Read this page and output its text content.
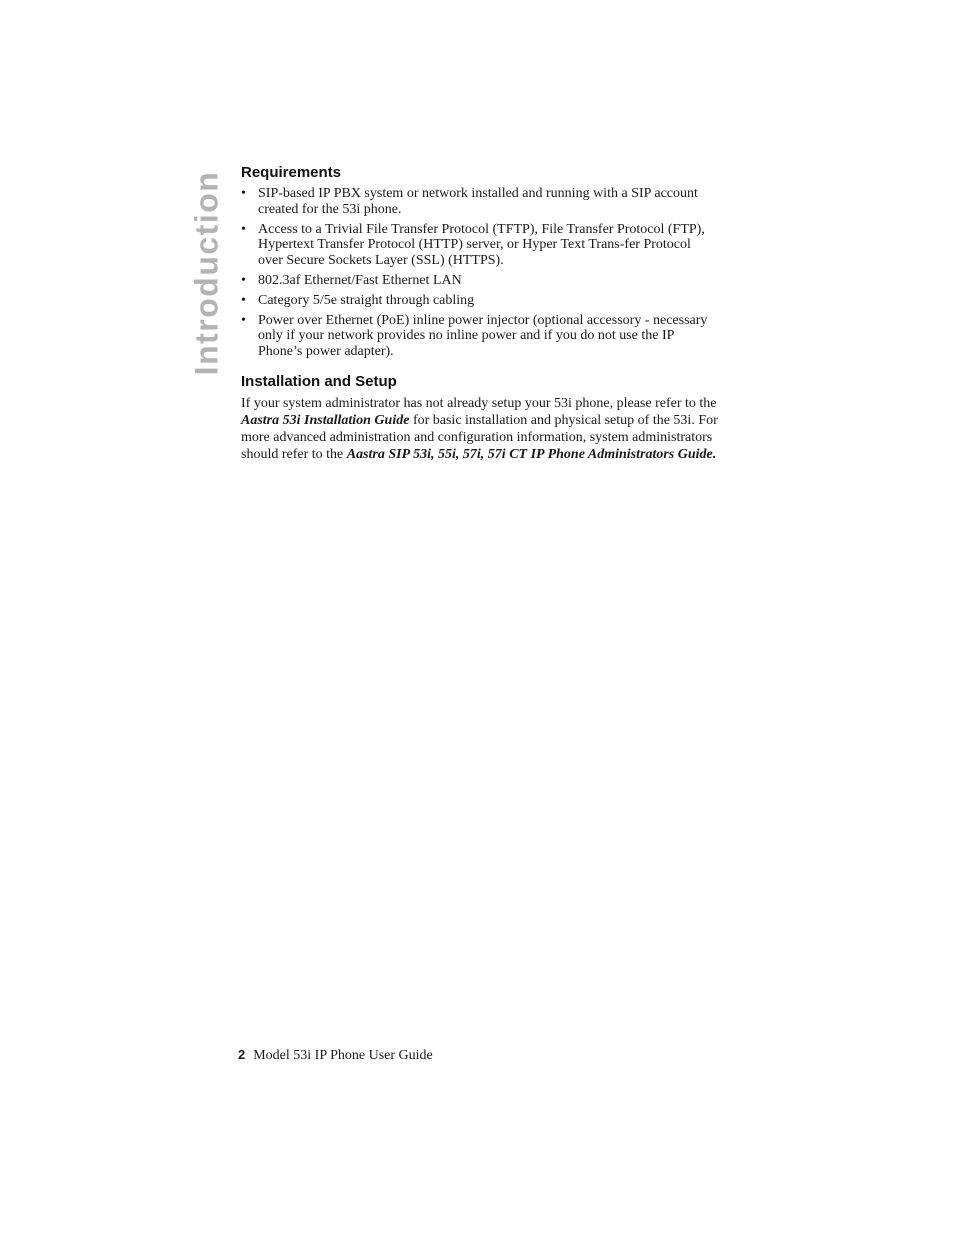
Introduction Requirements
• SIP-based IP PBX system or network installed and running with a SIP account created for the 53i phone.
• Access to a Trivial File Transfer Protocol (TFTP), File Transfer Protocol (FTP), Hypertext Transfer Protocol (HTTP) server, or Hyper Text Trans-fer Protocol over Secure Sockets Layer (SSL) (HTTPS).
• 802.3af Ethernet/Fast Ethernet LAN
• Category 5/5e straight through cabling
• Power over Ethernet (PoE) inline power injector (optional accessory - necessary only if your network provides no inline power and if you do not use the IP Phone’s power adapter).
Installation and Setup

If your system administrator has not already setup your 53i phone, please refer to the Aastra 53i Installation Guide for basic installation and physical setup of the 53i. For more advanced administration and configuration information, system administrators should refer to the Aastra SIP 53i, 55i, 57i, 57i CT IP Phone Administrators Guide.

2 Model 53i IP Phone User Guide
